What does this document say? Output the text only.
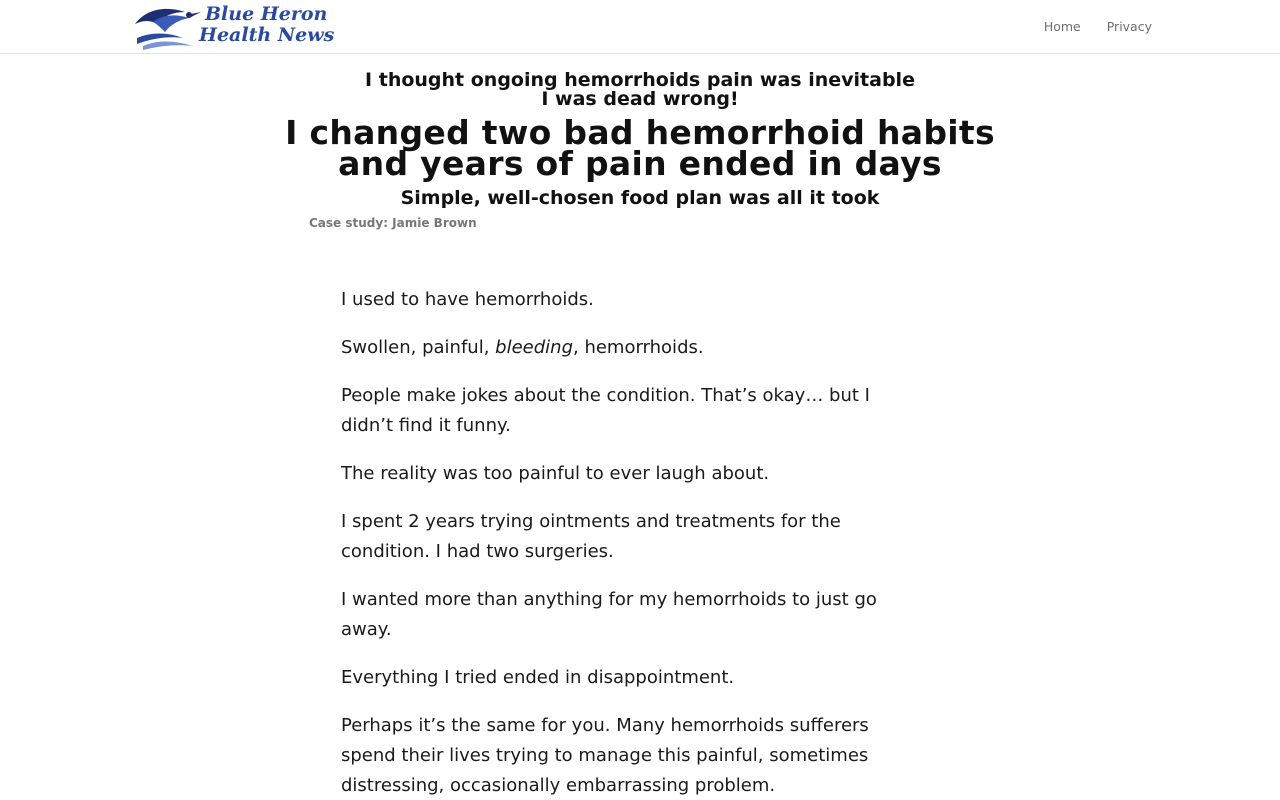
Blue Heron
Health News	Home Privacy
I thought ongoing hemorrhoids pain was inevitable
I was dead wrong!
I changed two bad hemorrhoid habits
and years of pain ended in days
Simple, well-chosen food plan was all it took
Case study: Jamie Brown

I used to have hemorrhoids.

Swollen, painful, bleeding, hemorrhoids.

People make jokes about the condition. That’s okay… but I didn’t find it funny.

The reality was too painful to ever laugh about.

I spent 2 years trying ointments and treatments for the condition. I had two surgeries.

I wanted more than anything for my hemorrhoids to just go away.

Everything I tried ended in disappointment.

Perhaps it’s the same for you. Many hemorrhoids sufferers spend their lives trying to manage this painful, sometimes distressing, occasionally embarrassing problem.
